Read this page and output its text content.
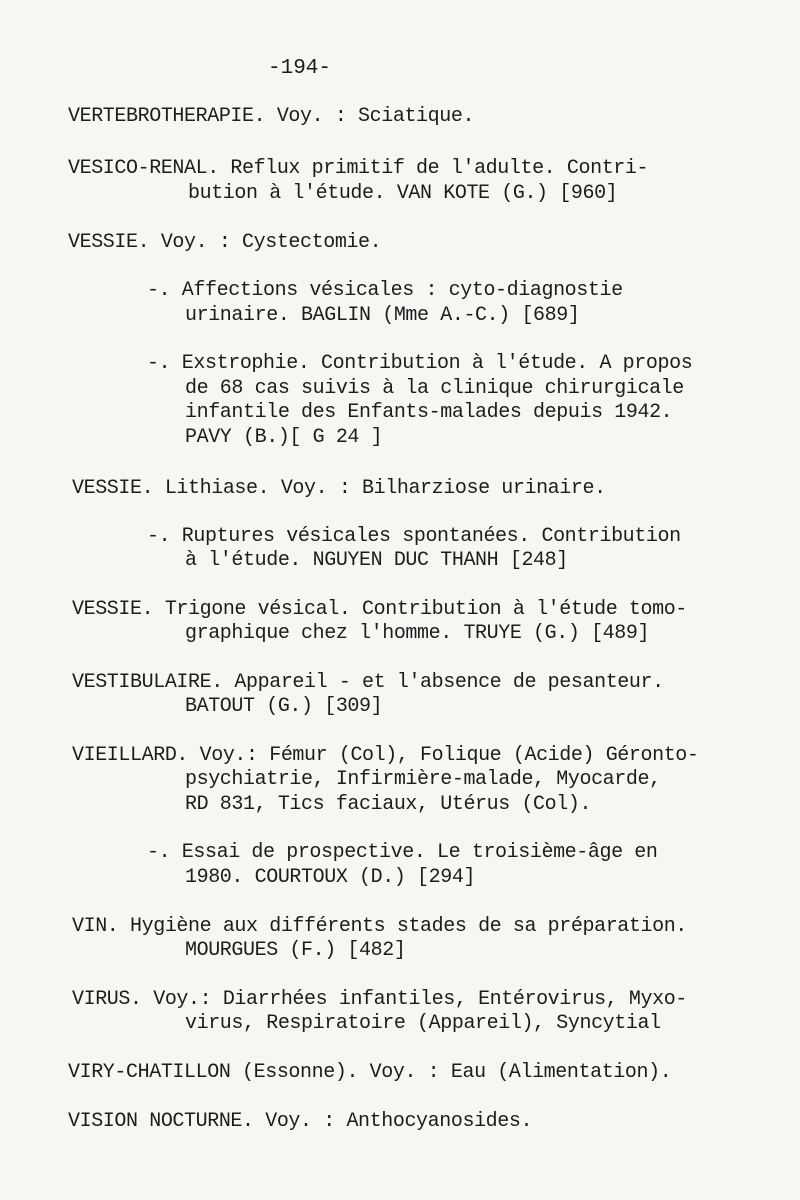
-194-
VERTEBROTHERAPIE. Voy. : Sciatique.
VESICO-RENAL. Reflux primitif de l'adulte. Contri-
bution à l'étude. VAN KOTE (G.) [960]
VESSIE. Voy. : Cystectomie.
-. Affections vésicales : cyto-diagnostie
urinaire. BAGLIN (Mme A.-C.) [689]
-. Exstrophie. Contribution à l'étude. A propos
de 68 cas suivis à la clinique chirurgicale
infantile des Enfants-malades depuis 1942.
PAVY (B.)[ G 24 ]
VESSIE. Lithiase. Voy. : Bilharziose urinaire.
-. Ruptures vésicales spontanées. Contribution
à l'étude. NGUYEN DUC THANH [248]
VESSIE. Trigone vésical. Contribution à l'étude tomo-
graphique chez l'homme. TRUYE (G.) [489]
VESTIBULAIRE. Appareil - et l'absence de pesanteur.
BATOUT (G.) [309]
VIEILLARD. Voy.: Fémur (Col), Folique (Acide) Géronto-
psychiatrie, Infirmière-malade, Myocarde,
RD 831, Tics faciaux, Utérus (Col).
-. Essai de prospective. Le troisième-âge en
1980. COURTOUX (D.) [294]
VIN. Hygiène aux différents stades de sa préparation.
MOURGUES (F.) [482]
VIRUS. Voy.: Diarrhées infantiles, Entérovirus, Myxo-
virus, Respiratoire (Appareil), Syncytial
VIRY-CHATILLON (Essonne). Voy. : Eau (Alimentation).
VISION NOCTURNE. Voy. : Anthocyanosides.
